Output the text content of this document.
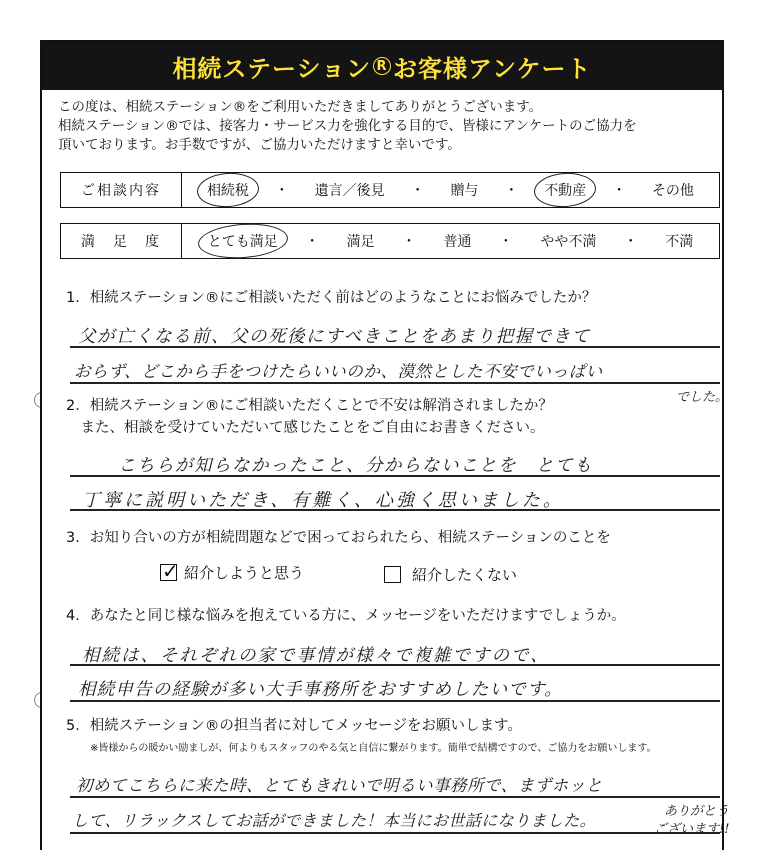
相続ステーション R お客様アンケート
この度は、相続ステーション®をご利用いただきましてありがとうございます。
相続ステーション®では、接客力・サービス力を強化する目的で、皆様にアンケートのご協力を
頂いております。お手数ですが、ご協力いただけますと幸いです。
ご相談内容	相続税 ・ 遺言／後見 ・ 贈与 ・ 不動産 ・ その他
満　足　度	とても満足 ・ 満足 ・ 普通 ・ やや不満 ・ 不満
1．相続ステーション®にご相談いただく前はどのようなことにお悩みでしたか？
父が亡くなる前、父の死後にすべきことをあまり把握できて
おらず、どこから手をつけたらいいのか、漠然とした不安でいっぱい
でした。
2．相続ステーション®にご相談いただくことで不安は解消されましたか？
　また、相談を受けていただいて感じたことをご自由にお書きください。
こちらが知らなかったこと、分からないことを　とても
丁寧に説明いただき、有難く、心強く思いました。
3．お知り合いの方が相続問題などで困っておられたら、相続ステーションのことを
✓ 紹介しようと思う	紹介したくない
4．あなたと同じ様な悩みを抱えている方に、メッセージをいただけますでしょうか。
相続は、それぞれの家で事情が様々で複雑ですので、
相続申告の経験が多い大手事務所をおすすめしたいです。
5．相続ステーション®の担当者に対してメッセージをお願いします。
※皆様からの暖かい励ましが、何よりもスタッフのやる気と自信に繋がります。簡単で結構ですので、ご協力をお願いします。
初めてこちらに来た時、とてもきれいで明るい事務所で、まずホッと
して、リラックスしてお話ができました！本当にお世話になりました。	ありがとう
ございます!!
